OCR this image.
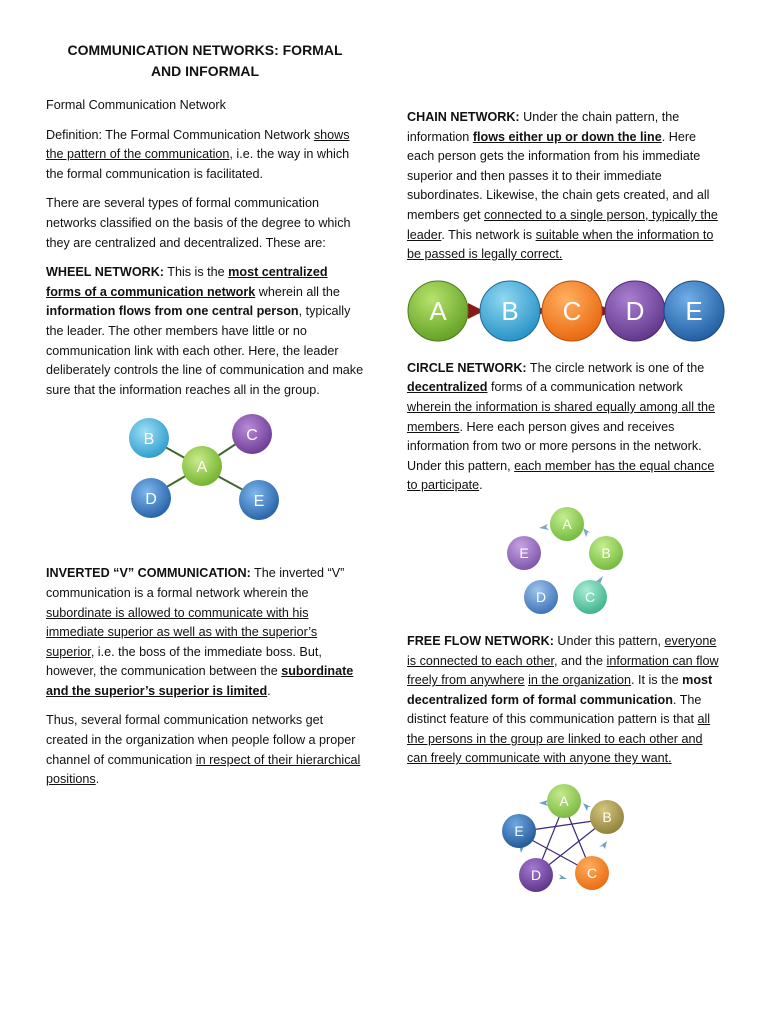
COMMUNICATION NETWORKS: FORMAL
AND INFORMAL

Formal Communication Network

Definition: The Formal Communication Network shows the pattern of the communication, i.e. the way in which the formal communication is facilitated.

There are several types of formal communication networks classified on the basis of the degree to which they are centralized and decentralized. These are:

WHEEL NETWORK: This is the most centralized forms of a communication network wherein all the information flows from one central person, typically the leader. The other members have little or no communication link with each other. Here, the leader deliberately controls the line of communication and make sure that the information reaches all in the group.

B	C
A
D	E

INVERTED “V” COMMUNICATION: The inverted “V” communication is a formal network wherein the subordinate is allowed to communicate with his immediate superior as well as with the superior’s superior, i.e. the boss of the immediate boss. But, however, the communication between the subordinate and the superior’s superior is limited.

Thus, several formal communication networks get created in the organization when people follow a proper channel of communication in respect of their hierarchical positions.

CHAIN NETWORK: Under the chain pattern, the information flows either up or down the line. Here each person gets the information from his immediate superior and then passes it to their immediate subordinates. Likewise, the chain gets created, and all members get connected to a single person, typically the leader. This network is suitable when the information to be passed is legally correct.

A B C D E

CIRCLE NETWORK: The circle network is one of the decentralized forms of a communication network wherein the information is shared equally among all the members. Here each person gives and receives information from two or more persons in the network. Under this pattern, each member has the equal chance to participate.

A
B
C
D
E

FREE FLOW NETWORK: Under this pattern, everyone is connected to each other, and the information can flow freely from anywhere in the organization. It is the most decentralized form of formal communication. The distinct feature of this communication pattern is that all the persons in the group are linked to each other and can freely communicate with anyone they want.

A
B
C
D
E
